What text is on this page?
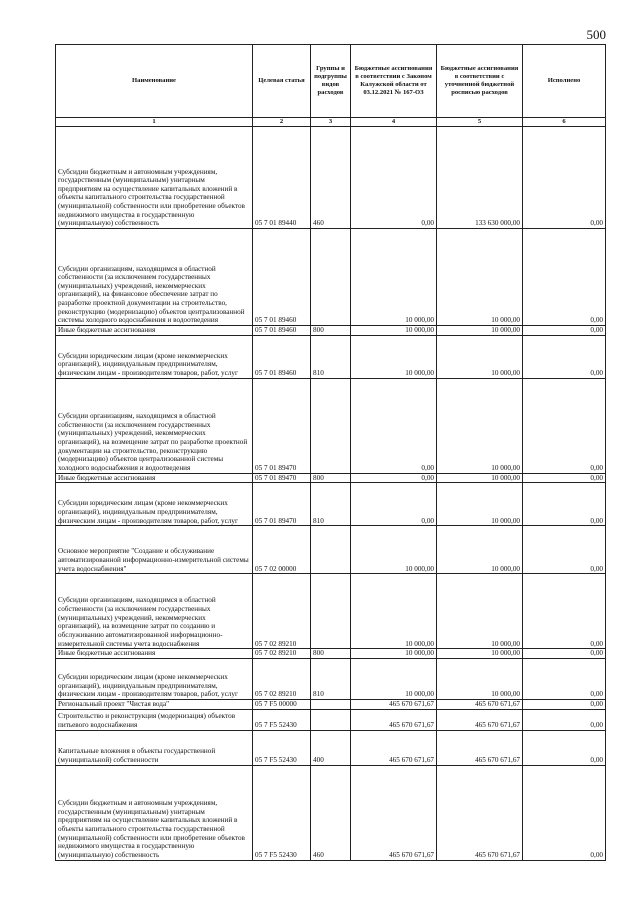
500
Наименование	Целевая статья	Группы и подгруппы видов расходов	Бюджетные ассигнования в соответствии с Законом Калужской области от 03.12.2021 № 167-ОЗ	Бюджетные ассигнования в соответствии с уточненной бюджетной росписью расходов	Исполнено
1	2	3	4	5	6
Субсидии бюджетным и автономным учреждениям, государственным (муниципальным) унитарным предприятиям на осуществление капитальных вложений в объекты капитального строительства государственной (муниципальной) собственности или приобретение объектов недвижимого имущества в государственную (муниципальную) собственность	05 7 01 89440	460	0,00	133 630 000,00	0,00
Субсидии организациям, находящимся в областной собственности (за исключением государственных (муниципальных) учреждений, некоммерческих организаций), на финансовое обеспечение затрат по разработке проектной документации на строительство, реконструкцию (модернизацию) объектов централизованной системы холодного водоснабжения и водоотведения	05 7 01 89460		10 000,00	10 000,00	0,00
Иные бюджетные ассигнования	05 7 01 89460	800	10 000,00	10 000,00	0,00
Субсидии юридическим лицам (кроме некоммерческих организаций), индивидуальным предпринимателям, физическим лицам - производителям товаров, работ, услуг	05 7 01 89460	810	10 000,00	10 000,00	0,00
Субсидии организациям, находящимся в областной собственности (за исключением государственных (муниципальных) учреждений, некоммерческих организаций), на возмещение затрат по разработке проектной документации на строительство, реконструкцию (модернизацию) объектов централизованной системы холодного водоснабжения и водоотведения	05 7 01 89470		0,00	10 000,00	0,00
Иные бюджетные ассигнования	05 7 01 89470	800	0,00	10 000,00	0,00
Субсидии юридическим лицам (кроме некоммерческих организаций), индивидуальным предпринимателям, физическим лицам - производителям товаров, работ, услуг	05 7 01 89470	810	0,00	10 000,00	0,00
Основное мероприятие "Создание и обслуживание автоматизированной информационно-измерительной системы учета водоснабжения"	05 7 02 00000		10 000,00	10 000,00	0,00
Субсидии организациям, находящимся в областной собственности (за исключением государственных (муниципальных) учреждений, некоммерческих организаций), на возмещение затрат по созданию и обслуживанию автоматизированной информационно-измерительной системы учета водоснабжения	05 7 02 89210		10 000,00	10 000,00	0,00
Иные бюджетные ассигнования	05 7 02 89210	800	10 000,00	10 000,00	0,00
Субсидии юридическим лицам (кроме некоммерческих организаций), индивидуальным предпринимателям, физическим лицам - производителям товаров, работ, услуг	05 7 02 89210	810	10 000,00	10 000,00	0,00
Региональный проект "Чистая вода"	05 7 F5 00000		465 670 671,67	465 670 671,67	0,00
Строительство и реконструкция (модернизация) объектов питьевого водоснабжения	05 7 F5 52430		465 670 671,67	465 670 671,67	0,00
Капитальные вложения в объекты государственной (муниципальной) собственности	05 7 F5 52430	400	465 670 671,67	465 670 671,67	0,00
Субсидии бюджетным и автономным учреждениям, государственным (муниципальным) унитарным предприятиям на осуществление капитальных вложений в объекты капитального строительства государственной (муниципальной) собственности или приобретение объектов недвижимого имущества в государственную (муниципальную) собственность	05 7 F5 52430	460	465 670 671,67	465 670 671,67	0,00
